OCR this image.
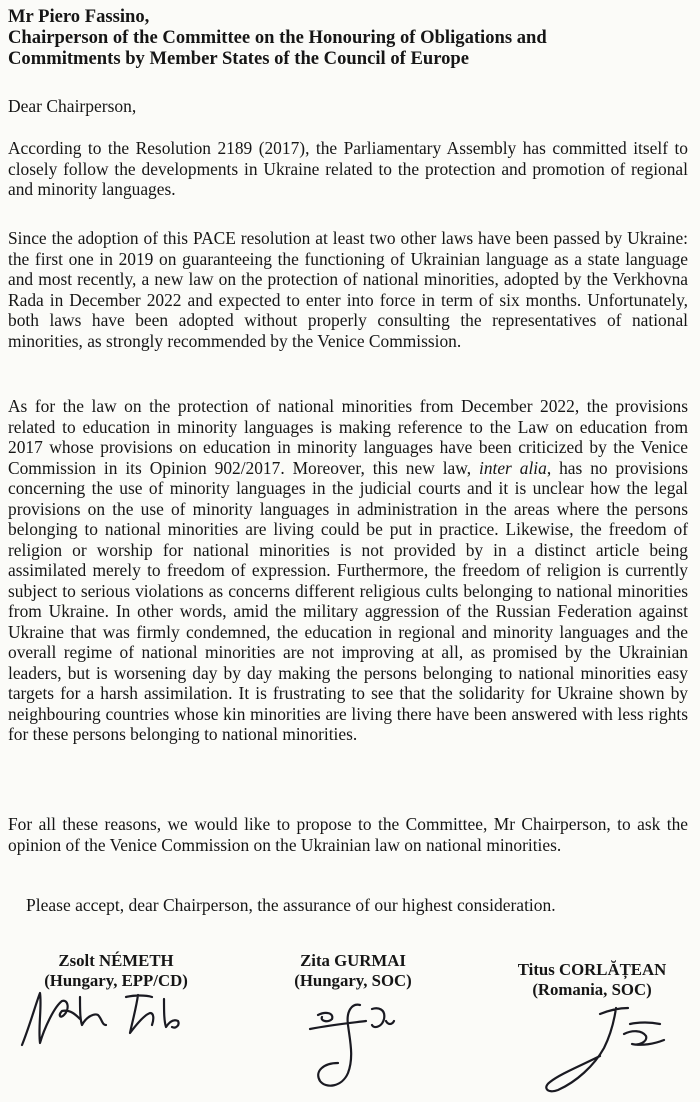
Mr Piero Fassino,
Chairperson of the Committee on the Honouring of Obligations and
Commitments by Member States of the Council of Europe
Dear Chairperson,

According to the Resolution 2189 (2017), the Parliamentary Assembly has committed itself to closely follow the developments in Ukraine related to the protection and promotion of regional and minority languages.

Since the adoption of this PACE resolution at least two other laws have been passed by Ukraine: the first one in 2019 on guaranteeing the functioning of Ukrainian language as a state language and most recently, a new law on the protection of national minorities, adopted by the Verkhovna Rada in December 2022 and expected to enter into force in term of six months. Unfortunately, both laws have been adopted without properly consulting the representatives of national minorities, as strongly recommended by the Venice Commission.

As for the law on the protection of national minorities from December 2022, the provisions related to education in minority languages is making reference to the Law on education from 2017 whose provisions on education in minority languages have been criticized by the Venice Commission in its Opinion 902/2017. Moreover, this new law, inter alia, has no provisions concerning the use of minority languages in the judicial courts and it is unclear how the legal provisions on the use of minority languages in administration in the areas where the persons belonging to national minorities are living could be put in practice. Likewise, the freedom of religion or worship for national minorities is not provided by in a distinct article being assimilated merely to freedom of expression. Furthermore, the freedom of religion is currently subject to serious violations as concerns different religious cults belonging to national minorities from Ukraine. In other words, amid the military aggression of the Russian Federation against Ukraine that was firmly condemned, the education in regional and minority languages and the overall regime of national minorities are not improving at all, as promised by the Ukrainian leaders, but is worsening day by day making the persons belonging to national minorities easy targets for a harsh assimilation. It is frustrating to see that the solidarity for Ukraine shown by neighbouring countries whose kin minorities are living there have been answered with less rights for these persons belonging to national minorities.

For all these reasons, we would like to propose to the Committee, Mr Chairperson, to ask the opinion of the Venice Commission on the Ukrainian law on national minorities.

Please accept, dear Chairperson, the assurance of our highest consideration.
Zsolt NÉMETH
(Hungary, EPP/CD)
Zita GURMAI
(Hungary, SOC)
Titus CORLĂȚEAN
(Romania, SOC)
